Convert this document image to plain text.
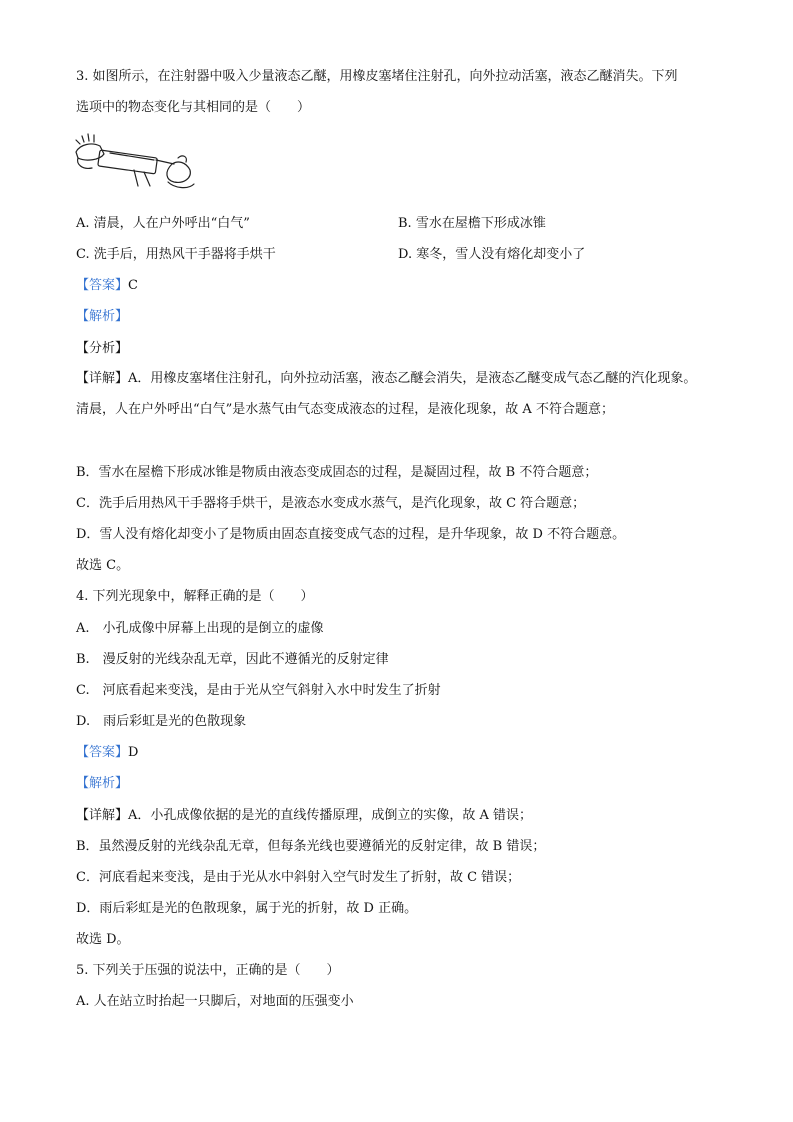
3. 如图所示，在注射器中吸入少量液态乙醚，用橡皮塞堵住注射孔，向外拉动活塞，液态乙醚消失。下列
选项中的物态变化与其相同的是（　　）
A. 清晨，人在户外呼出“白气”	B. 雪水在屋檐下形成冰锥
C. 洗手后，用热风干手器将手烘干	D. 寒冬，雪人没有熔化却变小了
【答案】C
【解析】
【分析】
【详解】A．用橡皮塞堵住注射孔，向外拉动活塞，液态乙醚会消失，是液态乙醚变成气态乙醚的汽化现象。
清晨，人在户外呼出“白气”是水蒸气由气态变成液态的过程，是液化现象，故 A 不符合题意；
B．雪水在屋檐下形成冰锥是物质由液态变成固态的过程，是凝固过程，故 B 不符合题意；
C．洗手后用热风干手器将手烘干，是液态水变成水蒸气，是汽化现象，故 C 符合题意；
D．雪人没有熔化却变小了是物质由固态直接变成气态的过程，是升华现象，故 D 不符合题意。
故选 C。
4. 下列光现象中，解释正确的是（　　）
A.　小孔成像中屏幕上出现的是倒立的虚像
B.　漫反射的光线杂乱无章，因此不遵循光的反射定律
C.　河底看起来变浅，是由于光从空气斜射入水中时发生了折射
D.　雨后彩虹是光的色散现象
【答案】D
【解析】
【详解】A．小孔成像依据的是光的直线传播原理，成倒立的实像，故 A 错误；
B．虽然漫反射的光线杂乱无章，但每条光线也要遵循光的反射定律，故 B 错误；
C．河底看起来变浅，是由于光从水中斜射入空气时发生了折射，故 C 错误；
D．雨后彩虹是光的色散现象，属于光的折射，故 D 正确。
故选 D。
5. 下列关于压强的说法中，正确的是（　　）
A. 人在站立时抬起一只脚后，对地面的压强变小
